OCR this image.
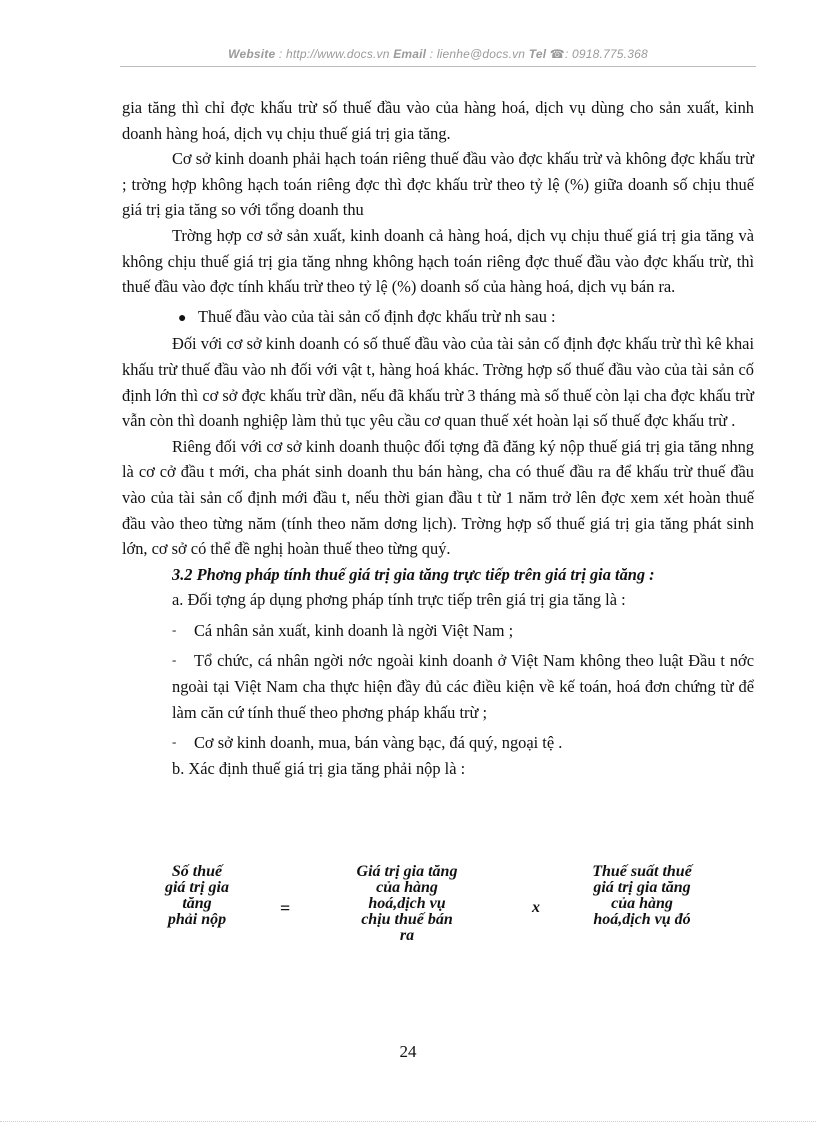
Website : http://www.docs.vn Email : lienhe@docs.vn Tel ☎: 0918.775.368

gia tăng thì chỉ đợc khấu trừ số thuế đầu vào của hàng hoá, dịch vụ dùng cho sản xuất, kinh doanh hàng hoá, dịch vụ chịu thuế giá trị gia tăng.

Cơ sở kinh doanh phải hạch toán riêng thuế đầu vào đợc khấu trừ và không đợc khấu trừ ; trờng hợp không hạch toán riêng đợc thì đợc khấu trừ theo tỷ lệ (%) giữa doanh số chịu thuế giá trị gia tăng so với tổng doanh thu

Trờng hợp cơ sở sản xuất, kinh doanh cả hàng hoá, dịch vụ chịu thuế giá trị gia tăng và không chịu thuế giá trị gia tăng nhng không hạch toán riêng đợc thuế đầu vào đợc khấu trừ, thì thuế đầu vào đợc tính khấu trừ theo tỷ lệ (%) doanh số của hàng hoá, dịch vụ bán ra.

● Thuế đầu vào của tài sản cố định đợc khấu trừ nh sau :

Đối với cơ sở kinh doanh có số thuế đầu vào của tài sản cố định đợc khấu trừ thì kê khai khấu trừ thuế đầu vào nh đối với vật t, hàng hoá khác. Trờng hợp số thuế đầu vào của tài sản cố định lớn thì cơ sở đợc khấu trừ dần, nếu đã khấu trừ 3 tháng mà số thuế còn lại cha đợc khấu trừ vẫn còn thì doanh nghiệp làm thủ tục yêu cầu cơ quan thuế xét hoàn lại số thuế đợc khấu trừ .

Riêng đối với cơ sở kinh doanh thuộc đối tợng đã đăng ký nộp thuế giá trị gia tăng nhng là cơ cở đầu t mới, cha phát sinh doanh thu bán hàng, cha có thuế đầu ra để khấu trừ thuế đầu vào của tài sản cố định mới đầu t, nếu thời gian đầu t từ 1 năm trở lên đợc xem xét hoàn thuế đầu vào theo từng năm (tính theo năm dơng lịch). Trờng hợp số thuế giá trị gia tăng phát sinh lớn, cơ sở có thể đề nghị hoàn thuế theo từng quý.

3.2 Phơng pháp tính thuế giá trị gia tăng trực tiếp trên giá trị gia tăng :

a. Đối tợng áp dụng phơng pháp tính trực tiếp trên giá trị gia tăng là :

- Cá nhân sản xuất, kinh doanh là ngời Việt Nam ;

- Tổ chức, cá nhân ngời nớc ngoài kinh doanh ở Việt Nam không theo luật Đầu t nớc ngoài tại Việt Nam cha thực hiện đầy đủ các điều kiện về kế toán, hoá đơn chứng từ để làm căn cứ tính thuế theo phơng pháp khấu trừ ;

- Cơ sở kinh doanh, mua, bán vàng bạc, đá quý, ngoại tệ .

b. Xác định thuế giá trị gia tăng phải nộp là :

Số thuế
giá trị gia
tăng
phải nộp
=
Giá trị gia tăng
của hàng
hoá,dịch vụ
chịu thuế bán
ra
x
Thuế suất thuế
giá trị gia tăng
của hàng
hoá,dịch vụ đó
24
